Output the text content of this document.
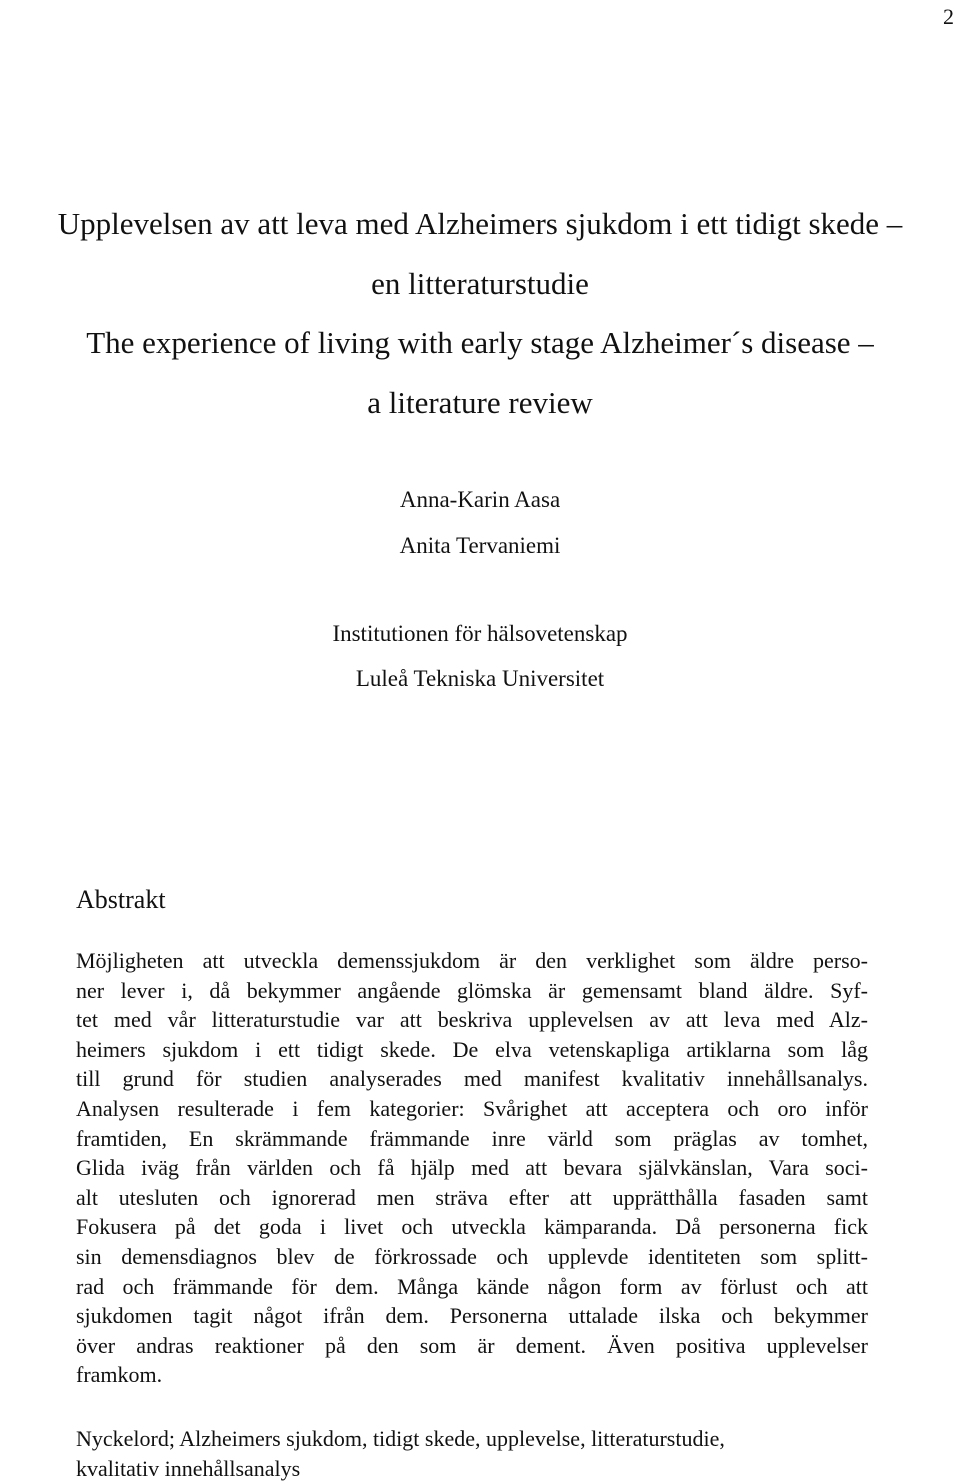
2
Upplevelsen av att leva med Alzheimers sjukdom i ett tidigt skede –
en litteraturstudie
The experience of living with early stage Alzheimer´s disease –
a literature review
Anna-Karin Aasa
Anita Tervaniemi
Institutionen för hälsovetenskap
Luleå Tekniska Universitet
Abstrakt
Möjligheten att utveckla demenssjukdom är den verklighet som äldre perso-
ner lever i, då bekymmer angående glömska är gemensamt bland äldre. Syf-
tet med vår litteraturstudie var att beskriva upplevelsen av att leva med Alz-
heimers sjukdom i ett tidigt skede. De elva vetenskapliga artiklarna som låg
till grund för studien analyserades med manifest kvalitativ innehållsanalys.
Analysen resulterade i fem kategorier: Svårighet att acceptera och oro inför
framtiden, En skrämmande främmande inre värld som präglas av tomhet,
Glida iväg från världen och få hjälp med att bevara självkänslan, Vara soci-
alt utesluten och ignorerad men sträva efter att upprätthålla fasaden samt
Fokusera på det goda i livet och utveckla kämparanda. Då personerna fick
sin demensdiagnos blev de förkrossade och upplevde identiteten som splitt-
rad och främmande för dem. Många kände någon form av förlust och att
sjukdomen tagit något ifrån dem. Personerna uttalade ilska och bekymmer
över andras reaktioner på den som är dement. Även positiva upplevelser
framkom.
Nyckelord; Alzheimers sjukdom, tidigt skede, upplevelse, litteraturstudie,
kvalitativ innehållsanalys
